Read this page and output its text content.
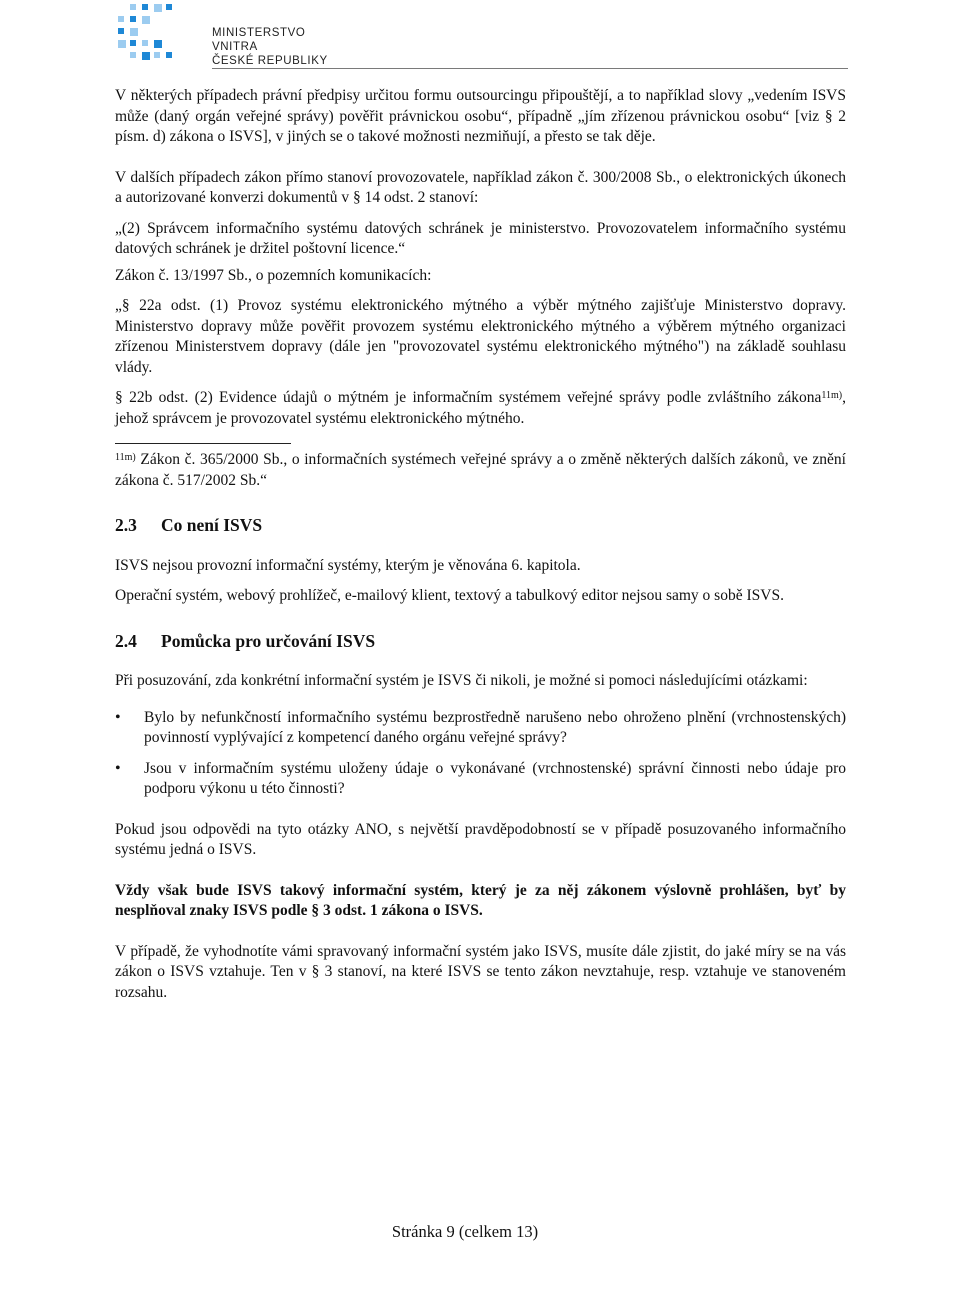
MINISTERSTVO VNITRA
ČESKÉ REPUBLIKY

V některých případech právní předpisy určitou formu outsourcingu připouštějí, a to například slovy „vedením ISVS může (daný orgán veřejné správy) pověřit právnickou osobu“, případně „jím zřízenou právnickou osobu“ [viz § 2 písm. d) zákona o ISVS], v jiných se o takové možnosti nezmiňují, a přesto se tak děje.

V dalších případech zákon přímo stanoví provozovatele, například zákon č. 300/2008 Sb., o elektronických úkonech a autorizované konverzi dokumentů v § 14 odst. 2 stanoví:

„(2) Správcem informačního systému datových schránek je ministerstvo. Provozovatelem informačního systému datových schránek je držitel poštovní licence.“

Zákon č. 13/1997 Sb., o pozemních komunikacích:

„§ 22a odst. (1) Provoz systému elektronického mýtného a výběr mýtného zajišťuje Ministerstvo dopravy. Ministerstvo dopravy může pověřit provozem systému elektronického mýtného a výběrem mýtného organizaci zřízenou Ministerstvem dopravy (dále jen "provozovatel systému elektronického mýtného") na základě souhlasu vlády.

§ 22b odst. (2) Evidence údajů o mýtném je informačním systémem veřejné správy podle zvláštního zákona$^{11m)}$, jehož správcem je provozovatel systému elektronického mýtného.

$^{11m)}$ Zákon č. 365/2000 Sb., o informačních systémech veřejné správy a o změně některých dalších zákonů, ve znění zákona č. 517/2002 Sb.“

2.3 Co není ISVS

ISVS nejsou provozní informační systémy, kterým je věnována 6. kapitola.

Operační systém, webový prohlížeč, e-mailový klient, textový a tabulkový editor nejsou samy o sobě ISVS.

2.4 Pomůcka pro určování ISVS

Při posuzování, zda konkrétní informační systém je ISVS či nikoli, je možné si pomoci následujícími otázkami:

• Bylo by nefunkčností informačního systému bezprostředně narušeno nebo ohroženo plnění (vrchnostenských) povinností vyplývající z kompetencí daného orgánu veřejné správy?
• Jsou v informačním systému uloženy údaje o vykonávané (vrchnostenské) správní činnosti nebo údaje pro podporu výkonu u této činnosti?

Pokud jsou odpovědi na tyto otázky ANO, s největší pravděpodobností se v případě posuzovaného informačního systému jedná o ISVS.

Vždy však bude ISVS takový informační systém, který je za něj zákonem výslovně prohlášen, byť by nesplňoval znaky ISVS podle § 3 odst. 1 zákona o ISVS.

V případě, že vyhodnotíte vámi spravovaný informační systém jako ISVS, musíte dále zjistit, do jaké míry se na vás zákon o ISVS vztahuje. Ten v § 3 stanoví, na které ISVS se tento zákon nevztahuje, resp. vztahuje ve stanoveném rozsahu.

Stránka 9 (celkem 13)
